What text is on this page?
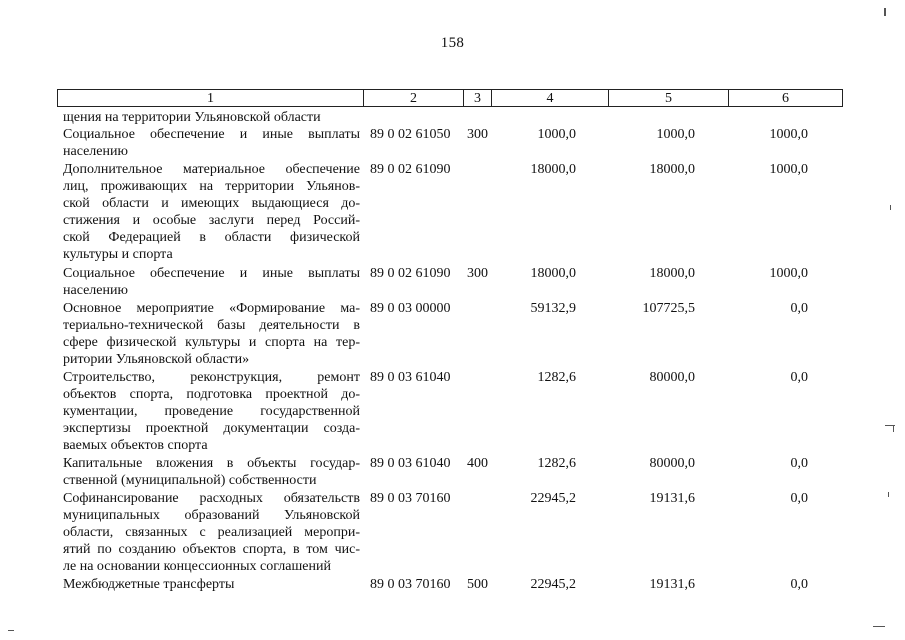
158
1	2	3	4	5	6
щения на территории Ульяновской области
Социальное обеспечение и иные выплаты
населению
89 0 02 61050 300	1000,0	1000,0	1000,0
Дополнительное материальное обеспечение
лиц, проживающих на территории Ульянов-
ской области и имеющих выдающиеся до-
стижения и особые заслуги перед Россий-
ской Федерацией в области физической
культуры и спорта
89 0 02 61090	18000,0	18000,0	1000,0
Социальное обеспечение и иные выплаты
населению
89 0 02 61090 300	18000,0	18000,0	1000,0
Основное мероприятие «Формирование ма-
териально-технической базы деятельности в
сфере физической культуры и спорта на тер-
ритории Ульяновской области»
89 0 03 00000	59132,9	107725,5	0,0
Строительство, реконструкция, ремонт
объектов спорта, подготовка проектной до-
кументации, проведение государственной
экспертизы проектной документации созда-
ваемых объектов спорта
89 0 03 61040	1282,6	80000,0	0,0
Капитальные вложения в объекты государ-
ственной (муниципальной) собственности
89 0 03 61040 400	1282,6	80000,0	0,0
Софинансирование расходных обязательств
муниципальных образований Ульяновской
области, связанных с реализацией меропри-
ятий по созданию объектов спорта, в том чис-
ле на основании концессионных соглашений
89 0 03 70160	22945,2	19131,6	0,0
Межбюджетные трансферты	89 0 03 70160 500	22945,2	19131,6	0,0
